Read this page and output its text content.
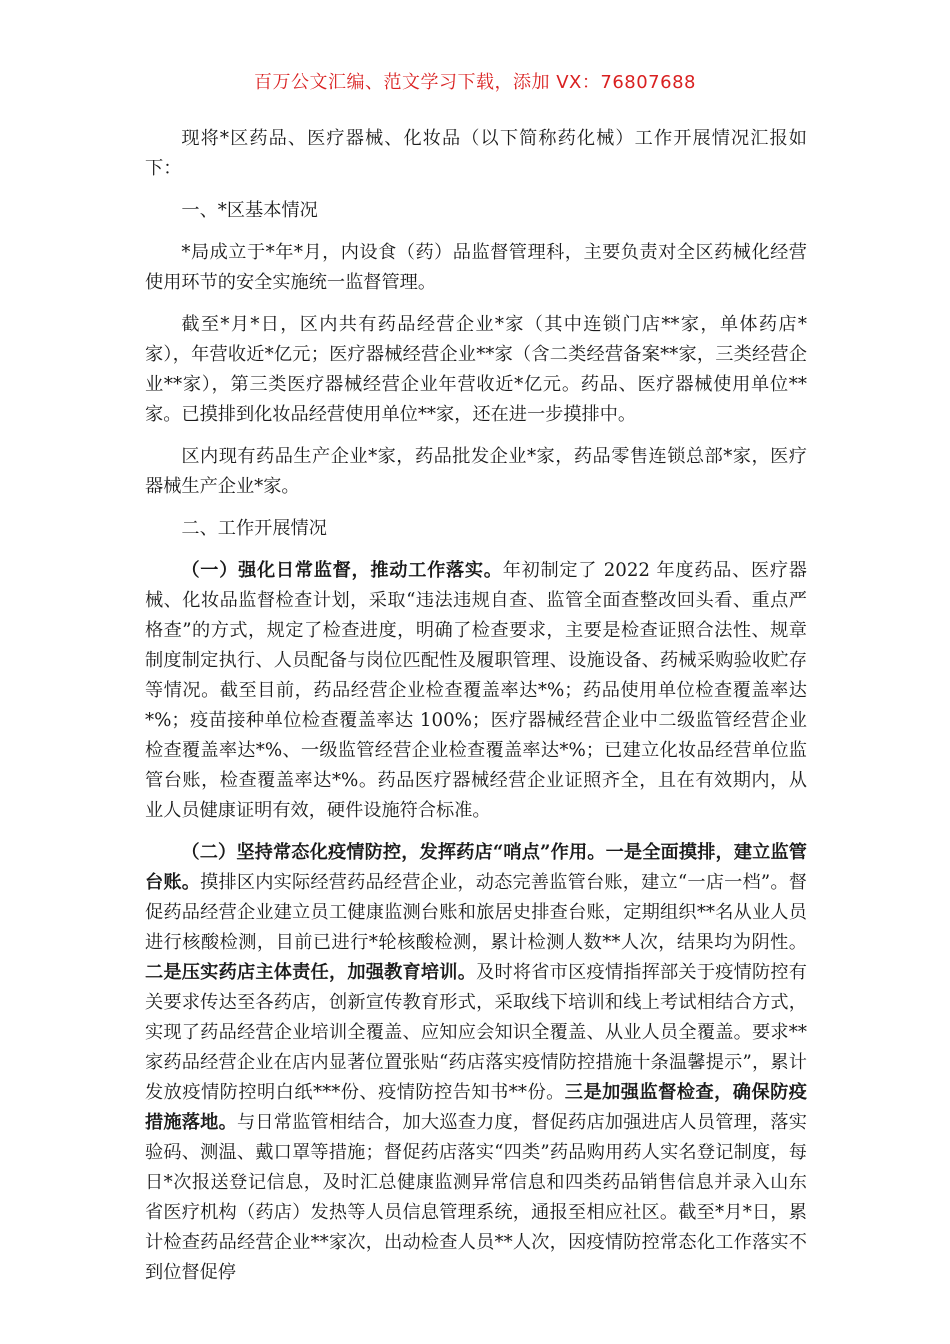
百万公文汇编、范文学习下载，添加 VX：76807688

现将*区药品、医疗器械、化妆品（以下简称药化械）工作开展情况汇报如下：

一、*区基本情况

*局成立于*年*月，内设食（药）品监督管理科，主要负责对全区药械化经营使用环节的安全实施统一监督管理。

截至*月*日，区内共有药品经营企业*家（其中连锁门店**家，单体药店*家），年营收近*亿元；医疗器械经营企业**家（含二类经营备案**家，三类经营企业**家），第三类医疗器械经营企业年营收近*亿元。药品、医疗器械使用单位**家。已摸排到化妆品经营使用单位**家，还在进一步摸排中。

区内现有药品生产企业*家，药品批发企业*家，药品零售连锁总部*家，医疗器械生产企业*家。

二、工作开展情况

（一）强化日常监督，推动工作落实。年初制定了 2022 年度药品、医疗器械、化妆品监督检查计划，采取“违法违规自查、监管全面查整改回头看、重点严格查”的方式，规定了检查进度，明确了检查要求，主要是检查证照合法性、规章制度制定执行、人员配备与岗位匹配性及履职管理、设施设备、药械采购验收贮存等情况。截至目前，药品经营企业检查覆盖率达*%；药品使用单位检查覆盖率达*%；疫苗接种单位检查覆盖率达 100%；医疗器械经营企业中二级监管经营企业检查覆盖率达*%、一级监管经营企业检查覆盖率达*%；已建立化妆品经营单位监管台账，检查覆盖率达*%。药品医疗器械经营企业证照齐全，且在有效期内，从业人员健康证明有效，硬件设施符合标准。

（二）坚持常态化疫情防控，发挥药店“哨点”作用。一是全面摸排，建立监管台账。摸排区内实际经营药品经营企业，动态完善监管台账，建立“一店一档”。督促药品经营企业建立员工健康监测台账和旅居史排查台账，定期组织**名从业人员进行核酸检测，目前已进行*轮核酸检测，累计检测人数**人次，结果均为阴性。二是压实药店主体责任，加强教育培训。及时将省市区疫情指挥部关于疫情防控有关要求传达至各药店，创新宣传教育形式，采取线下培训和线上考试相结合方式，实现了药品经营企业培训全覆盖、应知应会知识全覆盖、从业人员全覆盖。要求**家药品经营企业在店内显著位置张贴“药店落实疫情防控措施十条温馨提示”，累计发放疫情防控明白纸***份、疫情防控告知书**份。三是加强监督检查，确保防疫措施落地。与日常监管相结合，加大巡查力度，督促药店加强进店人员管理，落实验码、测温、戴口罩等措施；督促药店落实“四类”药品购用药人实名登记制度，每日*次报送登记信息，及时汇总健康监测异常信息和四类药品销售信息并录入山东省医疗机构（药店）发热等人员信息管理系统，通报至相应社区。截至*月*日，累计检查药品经营企业**家次，出动检查人员**人次，因疫情防控常态化工作落实不到位督促停
